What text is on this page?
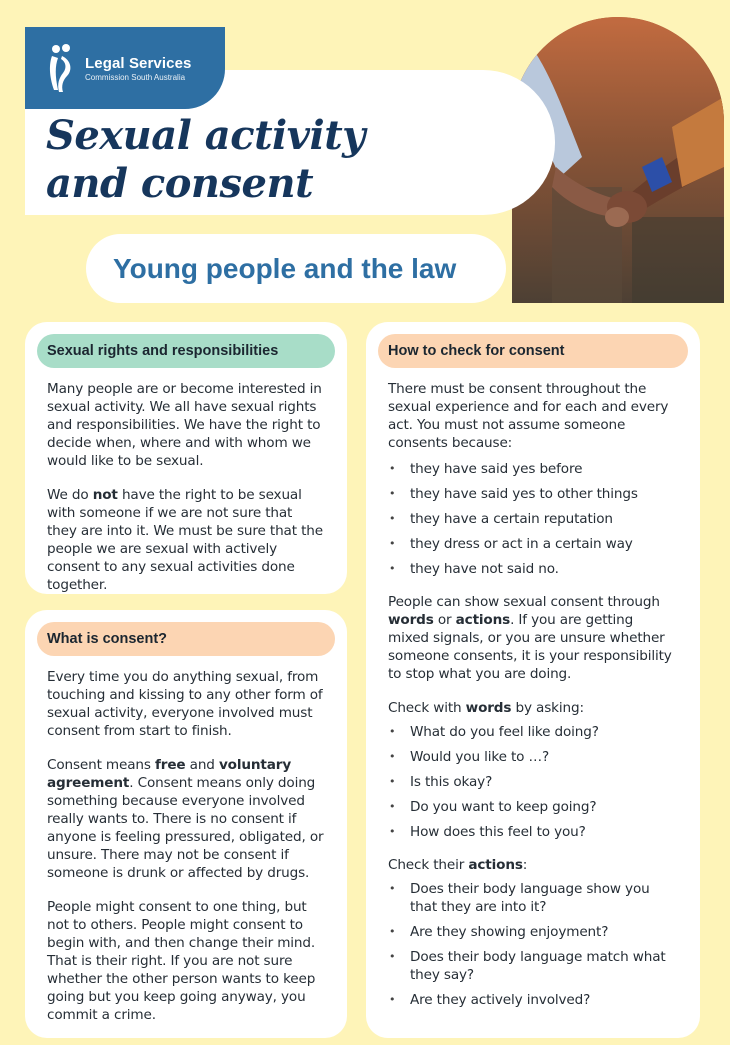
Legal Services
Commission South Australia
Sexual activity
and consent
Young people and the law
Sexual rights and responsibilities

Many people are or become interested in sexual activity. We all have sexual rights and responsibilities. We have the right to decide when, where and with whom we would like to be sexual.

We do not have the right to be sexual with someone if we are not sure that they are into it. We must be sure that the people we are sexual with actively consent to any sexual activities done together.

What is consent?

Every time you do anything sexual, from touching and kissing to any other form of sexual activity, everyone involved must consent from start to finish.

Consent means free and voluntary agreement. Consent means only doing something because everyone involved really wants to. There is no consent if anyone is feeling pressured, obligated, or unsure. There may not be consent if someone is drunk or affected by drugs.

People might consent to one thing, but not to others. People might consent to begin with, and then change their mind. That is their right. If you are not sure whether the other person wants to keep going but you keep going anyway, you commit a crime.

How to check for consent

There must be consent throughout the sexual experience and for each and every act. You must not assume someone consents because:

• they have said yes before
• they have said yes to other things
• they have a certain reputation
• they dress or act in a certain way
• they have not said no.

People can show sexual consent through words or actions. If you are getting mixed signals, or you are unsure whether someone consents, it is your responsibility to stop what you are doing.

Check with words by asking:

• What do you feel like doing?
• Would you like to …?
• Is this okay?
• Do you want to keep going?
• How does this feel to you?

Check their actions:

• Does their body language show you that they are into it?
• Are they showing enjoyment?
• Does their body language match what they say?
• Are they actively involved?
